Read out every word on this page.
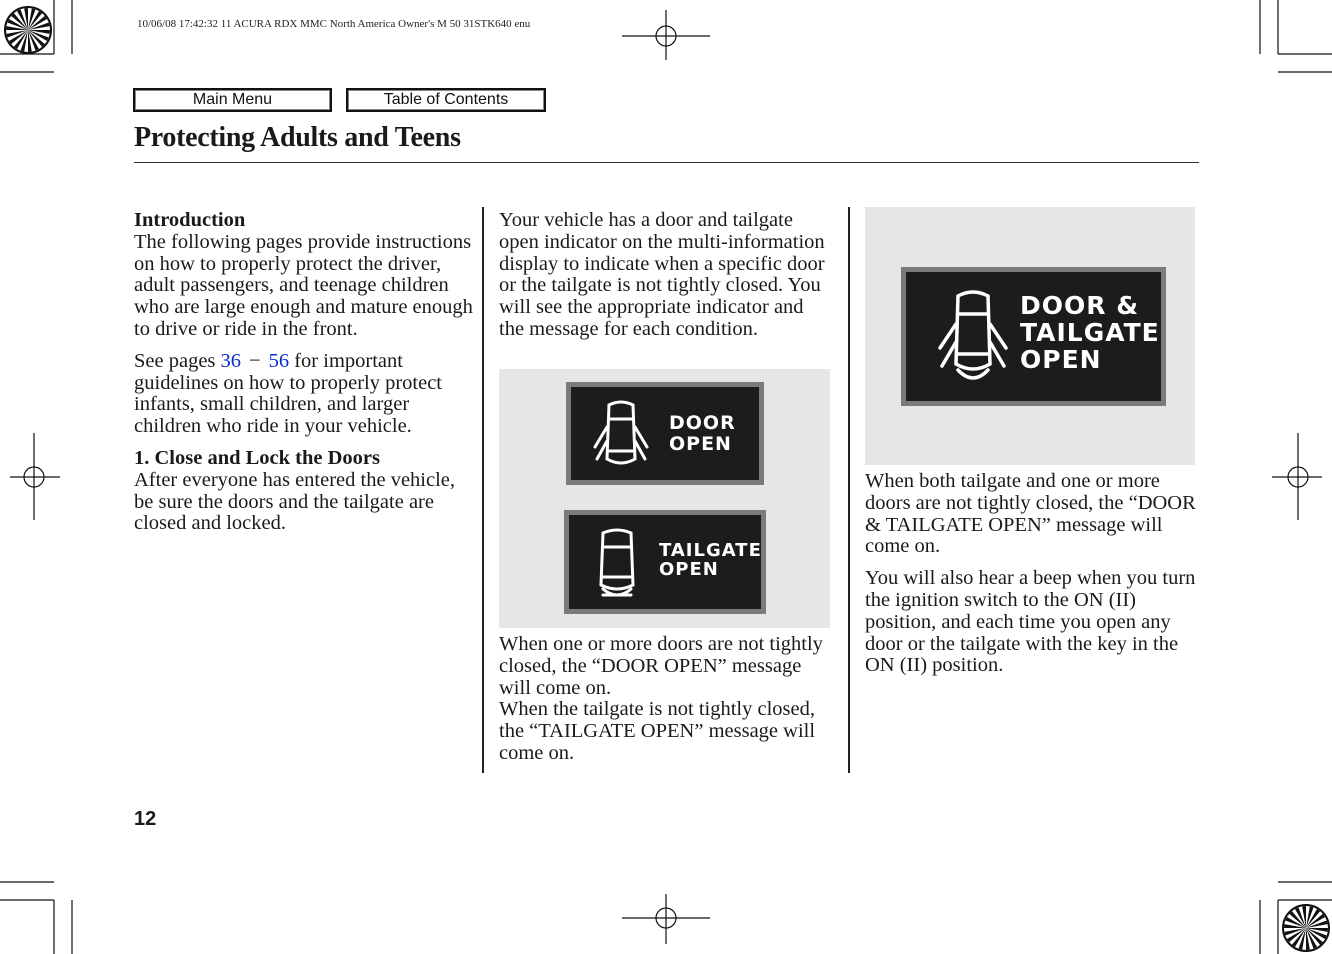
10/06/08 17:42:32 11 ACURA RDX MMC North America Owner's M 50 31STK640 enu
Main Menu	Table of Contents
Protecting Adults and Teens

Introduction

The following pages provide instructions on how to properly protect the driver, adult passengers, and teenage children who are large enough and mature enough to drive or ride in the front.

See pages 36 − 56 for important guidelines on how to properly protect infants, small children, and larger children who ride in your vehicle.

1. Close and Lock the Doors

After everyone has entered the vehicle, be sure the doors and the tailgate are closed and locked.

Your vehicle has a door and tailgate open indicator on the multi-information display to indicate when a specific door or the tailgate is not tightly closed. You will see the appropriate indicator and the message for each condition.

DOOR
OPEN
TAILGATE
OPEN

When one or more doors are not tightly closed, the “DOOR OPEN” message will come on.

When the tailgate is not tightly closed, the “TAILGATE OPEN” message will come on.

DOOR &
TAILGATE
OPEN

When both tailgate and one or more doors are not tightly closed, the “DOOR & TAILGATE OPEN” message will come on.

You will also hear a beep when you turn the ignition switch to the ON (II) position, and each time you open any door or the tailgate with the key in the ON (II) position.

12
